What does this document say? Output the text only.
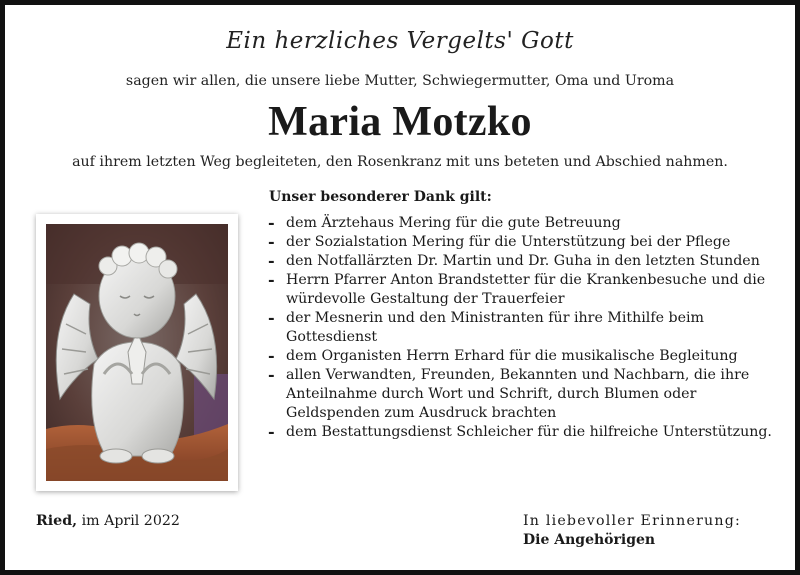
Ein herzliches Vergelts' Gott
sagen wir allen, die unsere liebe Mutter, Schwiegermutter, Oma und Uroma
Maria Motzko
auf ihrem letzten Weg begleiteten, den Rosenkranz mit uns beteten und Abschied nahmen.
Unser besonderer Dank gilt:
- dem Ärztehaus Mering für die gute Betreuung
- der Sozialstation Mering für die Unterstützung bei der Pflege
- den Notfallärzten Dr. Martin und Dr. Guha in den letzten Stunden
- Herrn Pfarrer Anton Brandstetter für die Krankenbesuche und die würdevolle Gestaltung der Trauerfeier
- der Mesnerin und den Ministranten für ihre Mithilfe beim Gottesdienst
- dem Organisten Herrn Erhard für die musikalische Begleitung
- allen Verwandten, Freunden, Bekannten und Nachbarn, die ihre Anteilnahme durch Wort und Schrift, durch Blumen oder Geldspenden zum Ausdruck brachten
- dem Bestattungsdienst Schleicher für die hilfreiche Unterstützung.
Ried, im April 2022	In liebevoller Erinnerung:
Die Angehörigen
